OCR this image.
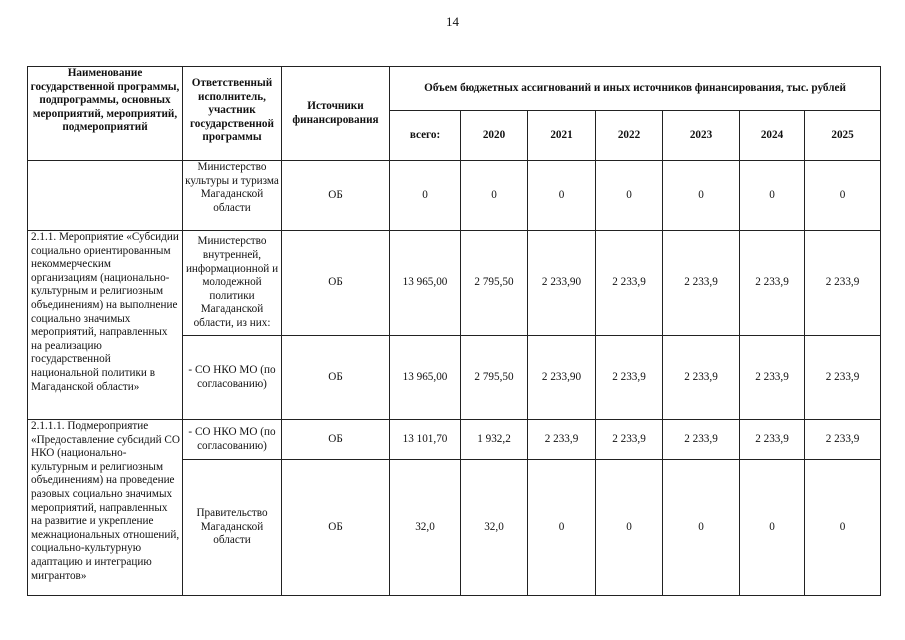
14
Наименование государственной программы, подпрограммы, основных мероприятий, мероприятий, подмероприятий	Ответственный исполнитель, участник государственной программы	Источники финансирования	Объем бюджетных ассигнований и иных источников финансирования, тыс. рублей						
			всего:	2020	2021	2022	2023	2024	2025
	Министерство культуры и туризма Магаданской области	ОБ	0	0	0	0	0	0	0
2.1.1. Мероприятие «Субсидии социально ориентированным некоммерческим организациям (национально-культурным и религиозным объединениям) на выполнение социально значимых мероприятий, направленных на реализацию государственной национальной политики в Магаданской области»	Министерство внутренней, информационной и молодежной политики Магаданской области, из них:	ОБ	13 965,00	2 795,50	2 233,90	2 233,9	2 233,9	2 233,9	2 233,9
	- СО НКО МО (по согласованию)	ОБ	13 965,00	2 795,50	2 233,90	2 233,9	2 233,9	2 233,9	2 233,9
2.1.1.1. Подмероприятие «Предоставление субсидий СО НКО (национально-культурным и религиозным объединениям) на проведение разовых социально значимых мероприятий, направленных на развитие и укрепление межнациональных отношений, социально-культурную адаптацию и интеграцию мигрантов»	- СО НКО МО (по согласованию)	ОБ	13 101,70	1 932,2	2 233,9	2 233,9	2 233,9	2 233,9	2 233,9
	Правительство Магаданской области	ОБ	32,0	32,0	0	0	0	0	0
